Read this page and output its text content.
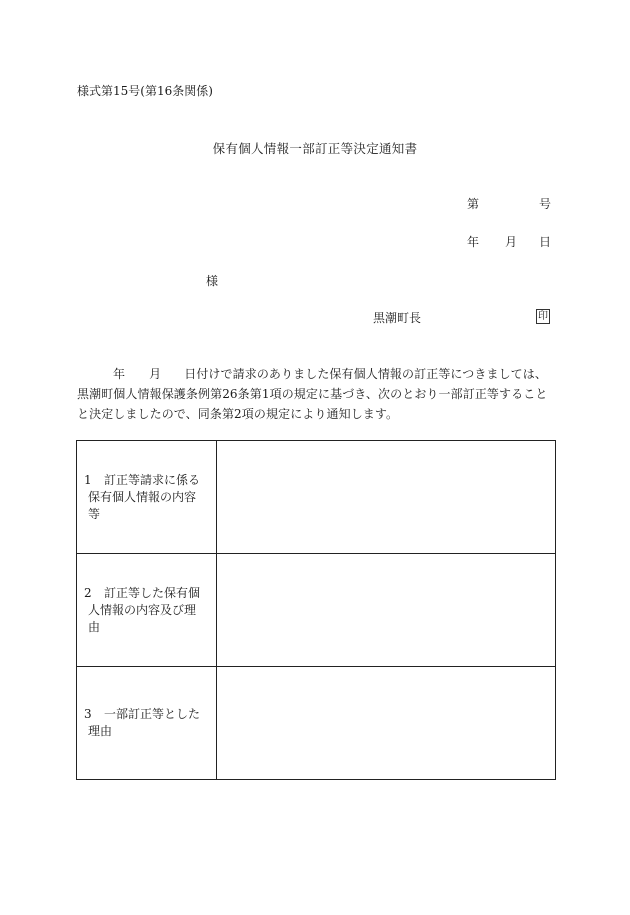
様式第15号(第16条関係)
保有個人情報一部訂正等決定通知書
第	号
年 月 日
様
黒潮町長	印
年 月 日付けで請求のありました保有個人情報の訂正等につきましては、黒潮町個人情報保護条例第26条第1項の規定に基づき、次のとおり一部訂正等することと決定しましたので、同条第2項の規定により通知します。
1 訂正等請求に係る
保有個人情報の内容
等	

2 訂正等した保有個
人情報の内容及び理
由	

3 一部訂正等とした
理由	
